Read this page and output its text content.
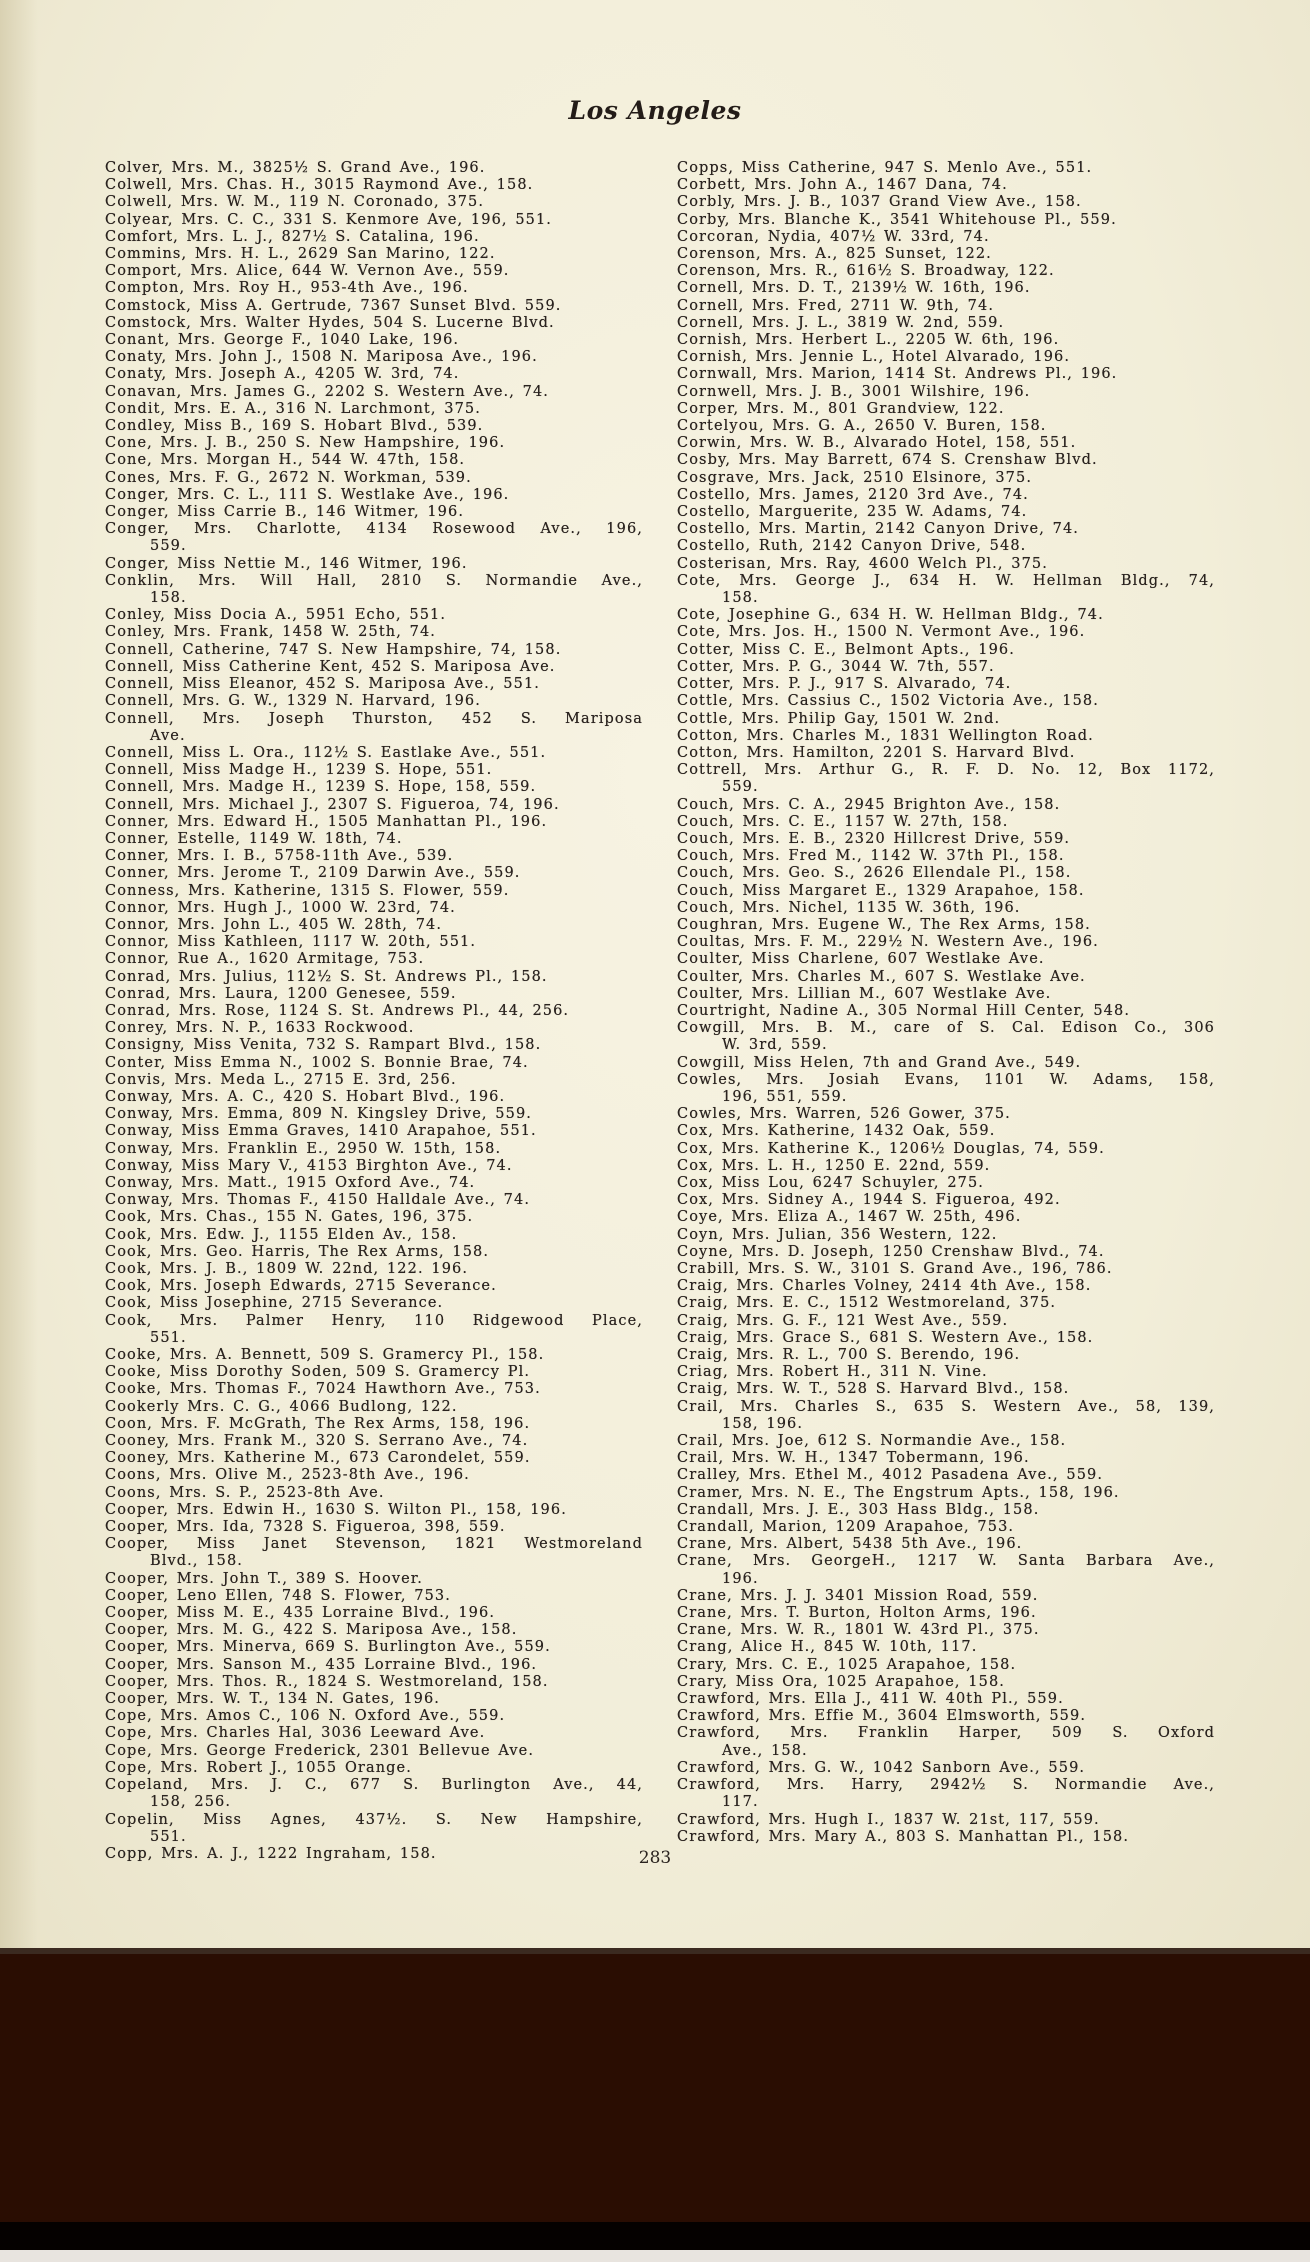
Los Angeles
Colver, Mrs. M., 3825½ S. Grand Ave., 196.
Colwell, Mrs. Chas. H., 3015 Raymond Ave., 158.
Colwell, Mrs. W. M., 119 N. Coronado, 375.
Colyear, Mrs. C. C., 331 S. Kenmore Ave, 196, 551.
Comfort, Mrs. L. J., 827½ S. Catalina, 196.
Commins, Mrs. H. L., 2629 San Marino, 122.
Comport, Mrs. Alice, 644 W. Vernon Ave., 559.
Compton, Mrs. Roy H., 953-4th Ave., 196.
Comstock, Miss A. Gertrude, 7367 Sunset Blvd. 559.
Comstock, Mrs. Walter Hydes, 504 S. Lucerne Blvd.
Conant, Mrs. George F., 1040 Lake, 196.
Conaty, Mrs. John J., 1508 N. Mariposa Ave., 196.
Conaty, Mrs. Joseph A., 4205 W. 3rd, 74.
Conavan, Mrs. James G., 2202 S. Western Ave., 74.
Condit, Mrs. E. A., 316 N. Larchmont, 375.
Condley, Miss B., 169 S. Hobart Blvd., 539.
Cone, Mrs. J. B., 250 S. New Hampshire, 196.
Cone, Mrs. Morgan H., 544 W. 47th, 158.
Cones, Mrs. F. G., 2672 N. Workman, 539.
Conger, Mrs. C. L., 111 S. Westlake Ave., 196.
Conger, Miss Carrie B., 146 Witmer, 196.
Conger, Mrs. Charlotte, 4134 Rosewood Ave., 196,
559.
Conger, Miss Nettie M., 146 Witmer, 196.
Conklin, Mrs. Will Hall, 2810 S. Normandie Ave.,
158.
Conley, Miss Docia A., 5951 Echo, 551.
Conley, Mrs. Frank, 1458 W. 25th, 74.
Connell, Catherine, 747 S. New Hampshire, 74, 158.
Connell, Miss Catherine Kent, 452 S. Mariposa Ave.
Connell, Miss Eleanor, 452 S. Mariposa Ave., 551.
Connell, Mrs. G. W., 1329 N. Harvard, 196.
Connell, Mrs. Joseph Thurston, 452 S. Mariposa
Ave.
Connell, Miss L. Ora., 112½ S. Eastlake Ave., 551.
Connell, Miss Madge H., 1239 S. Hope, 551.
Connell, Mrs. Madge H., 1239 S. Hope, 158, 559.
Connell, Mrs. Michael J., 2307 S. Figueroa, 74, 196.
Conner, Mrs. Edward H., 1505 Manhattan Pl., 196.
Conner, Estelle, 1149 W. 18th, 74.
Conner, Mrs. I. B., 5758-11th Ave., 539.
Conner, Mrs. Jerome T., 2109 Darwin Ave., 559.
Conness, Mrs. Katherine, 1315 S. Flower, 559.
Connor, Mrs. Hugh J., 1000 W. 23rd, 74.
Connor, Mrs. John L., 405 W. 28th, 74.
Connor, Miss Kathleen, 1117 W. 20th, 551.
Connor, Rue A., 1620 Armitage, 753.
Conrad, Mrs. Julius, 112½ S. St. Andrews Pl., 158.
Conrad, Mrs. Laura, 1200 Genesee, 559.
Conrad, Mrs. Rose, 1124 S. St. Andrews Pl., 44, 256.
Conrey, Mrs. N. P., 1633 Rockwood.
Consigny, Miss Venita, 732 S. Rampart Blvd., 158.
Conter, Miss Emma N., 1002 S. Bonnie Brae, 74.
Convis, Mrs. Meda L., 2715 E. 3rd, 256.
Conway, Mrs. A. C., 420 S. Hobart Blvd., 196.
Conway, Mrs. Emma, 809 N. Kingsley Drive, 559.
Conway, Miss Emma Graves, 1410 Arapahoe, 551.
Conway, Mrs. Franklin E., 2950 W. 15th, 158.
Conway, Miss Mary V., 4153 Birghton Ave., 74.
Conway, Mrs. Matt., 1915 Oxford Ave., 74.
Conway, Mrs. Thomas F., 4150 Halldale Ave., 74.
Cook, Mrs. Chas., 155 N. Gates, 196, 375.
Cook, Mrs. Edw. J., 1155 Elden Av., 158.
Cook, Mrs. Geo. Harris, The Rex Arms, 158.
Cook, Mrs. J. B., 1809 W. 22nd, 122. 196.
Cook, Mrs. Joseph Edwards, 2715 Severance.
Cook, Miss Josephine, 2715 Severance.
Cook, Mrs. Palmer Henry, 110 Ridgewood Place,
551.
Cooke, Mrs. A. Bennett, 509 S. Gramercy Pl., 158.
Cooke, Miss Dorothy Soden, 509 S. Gramercy Pl.
Cooke, Mrs. Thomas F., 7024 Hawthorn Ave., 753.
Cookerly Mrs. C. G., 4066 Budlong, 122.
Coon, Mrs. F. McGrath, The Rex Arms, 158, 196.
Cooney, Mrs. Frank M., 320 S. Serrano Ave., 74.
Cooney, Mrs. Katherine M., 673 Carondelet, 559.
Coons, Mrs. Olive M., 2523-8th Ave., 196.
Coons, Mrs. S. P., 2523-8th Ave.
Cooper, Mrs. Edwin H., 1630 S. Wilton Pl., 158, 196.
Cooper, Mrs. Ida, 7328 S. Figueroa, 398, 559.
Cooper, Miss Janet Stevenson, 1821 Westmoreland
Blvd., 158.
Cooper, Mrs. John T., 389 S. Hoover.
Cooper, Leno Ellen, 748 S. Flower, 753.
Cooper, Miss M. E., 435 Lorraine Blvd., 196.
Cooper, Mrs. M. G., 422 S. Mariposa Ave., 158.
Cooper, Mrs. Minerva, 669 S. Burlington Ave., 559.
Cooper, Mrs. Sanson M., 435 Lorraine Blvd., 196.
Cooper, Mrs. Thos. R., 1824 S. Westmoreland, 158.
Cooper, Mrs. W. T., 134 N. Gates, 196.
Cope, Mrs. Amos C., 106 N. Oxford Ave., 559.
Cope, Mrs. Charles Hal, 3036 Leeward Ave.
Cope, Mrs. George Frederick, 2301 Bellevue Ave.
Cope, Mrs. Robert J., 1055 Orange.
Copeland, Mrs. J. C., 677 S. Burlington Ave., 44,
158, 256.
Copelin, Miss Agnes, 437½. S. New Hampshire,
551.
Copp, Mrs. A. J., 1222 Ingraham, 158.
Copps, Miss Catherine, 947 S. Menlo Ave., 551.
Corbett, Mrs. John A., 1467 Dana, 74.
Corbly, Mrs. J. B., 1037 Grand View Ave., 158.
Corby, Mrs. Blanche K., 3541 Whitehouse Pl., 559.
Corcoran, Nydia, 407½ W. 33rd, 74.
Corenson, Mrs. A., 825 Sunset, 122.
Corenson, Mrs. R., 616½ S. Broadway, 122.
Cornell, Mrs. D. T., 2139½ W. 16th, 196.
Cornell, Mrs. Fred, 2711 W. 9th, 74.
Cornell, Mrs. J. L., 3819 W. 2nd, 559.
Cornish, Mrs. Herbert L., 2205 W. 6th, 196.
Cornish, Mrs. Jennie L., Hotel Alvarado, 196.
Cornwall, Mrs. Marion, 1414 St. Andrews Pl., 196.
Cornwell, Mrs. J. B., 3001 Wilshire, 196.
Corper, Mrs. M., 801 Grandview, 122.
Cortelyou, Mrs. G. A., 2650 V. Buren, 158.
Corwin, Mrs. W. B., Alvarado Hotel, 158, 551.
Cosby, Mrs. May Barrett, 674 S. Crenshaw Blvd.
Cosgrave, Mrs. Jack, 2510 Elsinore, 375.
Costello, Mrs. James, 2120 3rd Ave., 74.
Costello, Marguerite, 235 W. Adams, 74.
Costello, Mrs. Martin, 2142 Canyon Drive, 74.
Costello, Ruth, 2142 Canyon Drive, 548.
Costerisan, Mrs. Ray, 4600 Welch Pl., 375.
Cote, Mrs. George J., 634 H. W. Hellman Bldg., 74,
158.
Cote, Josephine G., 634 H. W. Hellman Bldg., 74.
Cote, Mrs. Jos. H., 1500 N. Vermont Ave., 196.
Cotter, Miss C. E., Belmont Apts., 196.
Cotter, Mrs. P. G., 3044 W. 7th, 557.
Cotter, Mrs. P. J., 917 S. Alvarado, 74.
Cottle, Mrs. Cassius C., 1502 Victoria Ave., 158.
Cottle, Mrs. Philip Gay, 1501 W. 2nd.
Cotton, Mrs. Charles M., 1831 Wellington Road.
Cotton, Mrs. Hamilton, 2201 S. Harvard Blvd.
Cottrell, Mrs. Arthur G., R. F. D. No. 12, Box 1172,
559.
Couch, Mrs. C. A., 2945 Brighton Ave., 158.
Couch, Mrs. C. E., 1157 W. 27th, 158.
Couch, Mrs. E. B., 2320 Hillcrest Drive, 559.
Couch, Mrs. Fred M., 1142 W. 37th Pl., 158.
Couch, Mrs. Geo. S., 2626 Ellendale Pl., 158.
Couch, Miss Margaret E., 1329 Arapahoe, 158.
Couch, Mrs. Nichel, 1135 W. 36th, 196.
Coughran, Mrs. Eugene W., The Rex Arms, 158.
Coultas, Mrs. F. M., 229½ N. Western Ave., 196.
Coulter, Miss Charlene, 607 Westlake Ave.
Coulter, Mrs. Charles M., 607 S. Westlake Ave.
Coulter, Mrs. Lillian M., 607 Westlake Ave.
Courtright, Nadine A., 305 Normal Hill Center, 548.
Cowgill, Mrs. B. M., care of S. Cal. Edison Co., 306
W. 3rd, 559.
Cowgill, Miss Helen, 7th and Grand Ave., 549.
Cowles, Mrs. Josiah Evans, 1101 W. Adams, 158,
196, 551, 559.
Cowles, Mrs. Warren, 526 Gower, 375.
Cox, Mrs. Katherine, 1432 Oak, 559.
Cox, Mrs. Katherine K., 1206½ Douglas, 74, 559.
Cox, Mrs. L. H., 1250 E. 22nd, 559.
Cox, Miss Lou, 6247 Schuyler, 275.
Cox, Mrs. Sidney A., 1944 S. Figueroa, 492.
Coye, Mrs. Eliza A., 1467 W. 25th, 496.
Coyn, Mrs. Julian, 356 Western, 122.
Coyne, Mrs. D. Joseph, 1250 Crenshaw Blvd., 74.
Crabill, Mrs. S. W., 3101 S. Grand Ave., 196, 786.
Craig, Mrs. Charles Volney, 2414 4th Ave., 158.
Craig, Mrs. E. C., 1512 Westmoreland, 375.
Craig, Mrs. G. F., 121 West Ave., 559.
Craig, Mrs. Grace S., 681 S. Western Ave., 158.
Craig, Mrs. R. L., 700 S. Berendo, 196.
Criag, Mrs. Robert H., 311 N. Vine.
Craig, Mrs. W. T., 528 S. Harvard Blvd., 158.
Crail, Mrs. Charles S., 635 S. Western Ave., 58, 139,
158, 196.
Crail, Mrs. Joe, 612 S. Normandie Ave., 158.
Crail, Mrs. W. H., 1347 Tobermann, 196.
Cralley, Mrs. Ethel M., 4012 Pasadena Ave., 559.
Cramer, Mrs. N. E., The Engstrum Apts., 158, 196.
Crandall, Mrs. J. E., 303 Hass Bldg., 158.
Crandall, Marion, 1209 Arapahoe, 753.
Crane, Mrs. Albert, 5438 5th Ave., 196.
Crane, Mrs. GeorgeH., 1217 W. Santa Barbara Ave.,
196.
Crane, Mrs. J. J. 3401 Mission Road, 559.
Crane, Mrs. T. Burton, Holton Arms, 196.
Crane, Mrs. W. R., 1801 W. 43rd Pl., 375.
Crang, Alice H., 845 W. 10th, 117.
Crary, Mrs. C. E., 1025 Arapahoe, 158.
Crary, Miss Ora, 1025 Arapahoe, 158.
Crawford, Mrs. Ella J., 411 W. 40th Pl., 559.
Crawford, Mrs. Effie M., 3604 Elmsworth, 559.
Crawford, Mrs. Franklin Harper, 509 S. Oxford
Ave., 158.
Crawford, Mrs. G. W., 1042 Sanborn Ave., 559.
Crawford, Mrs. Harry, 2942½ S. Normandie Ave.,
117.
Crawford, Mrs. Hugh I., 1837 W. 21st, 117, 559.
Crawford, Mrs. Mary A., 803 S. Manhattan Pl., 158.
283
